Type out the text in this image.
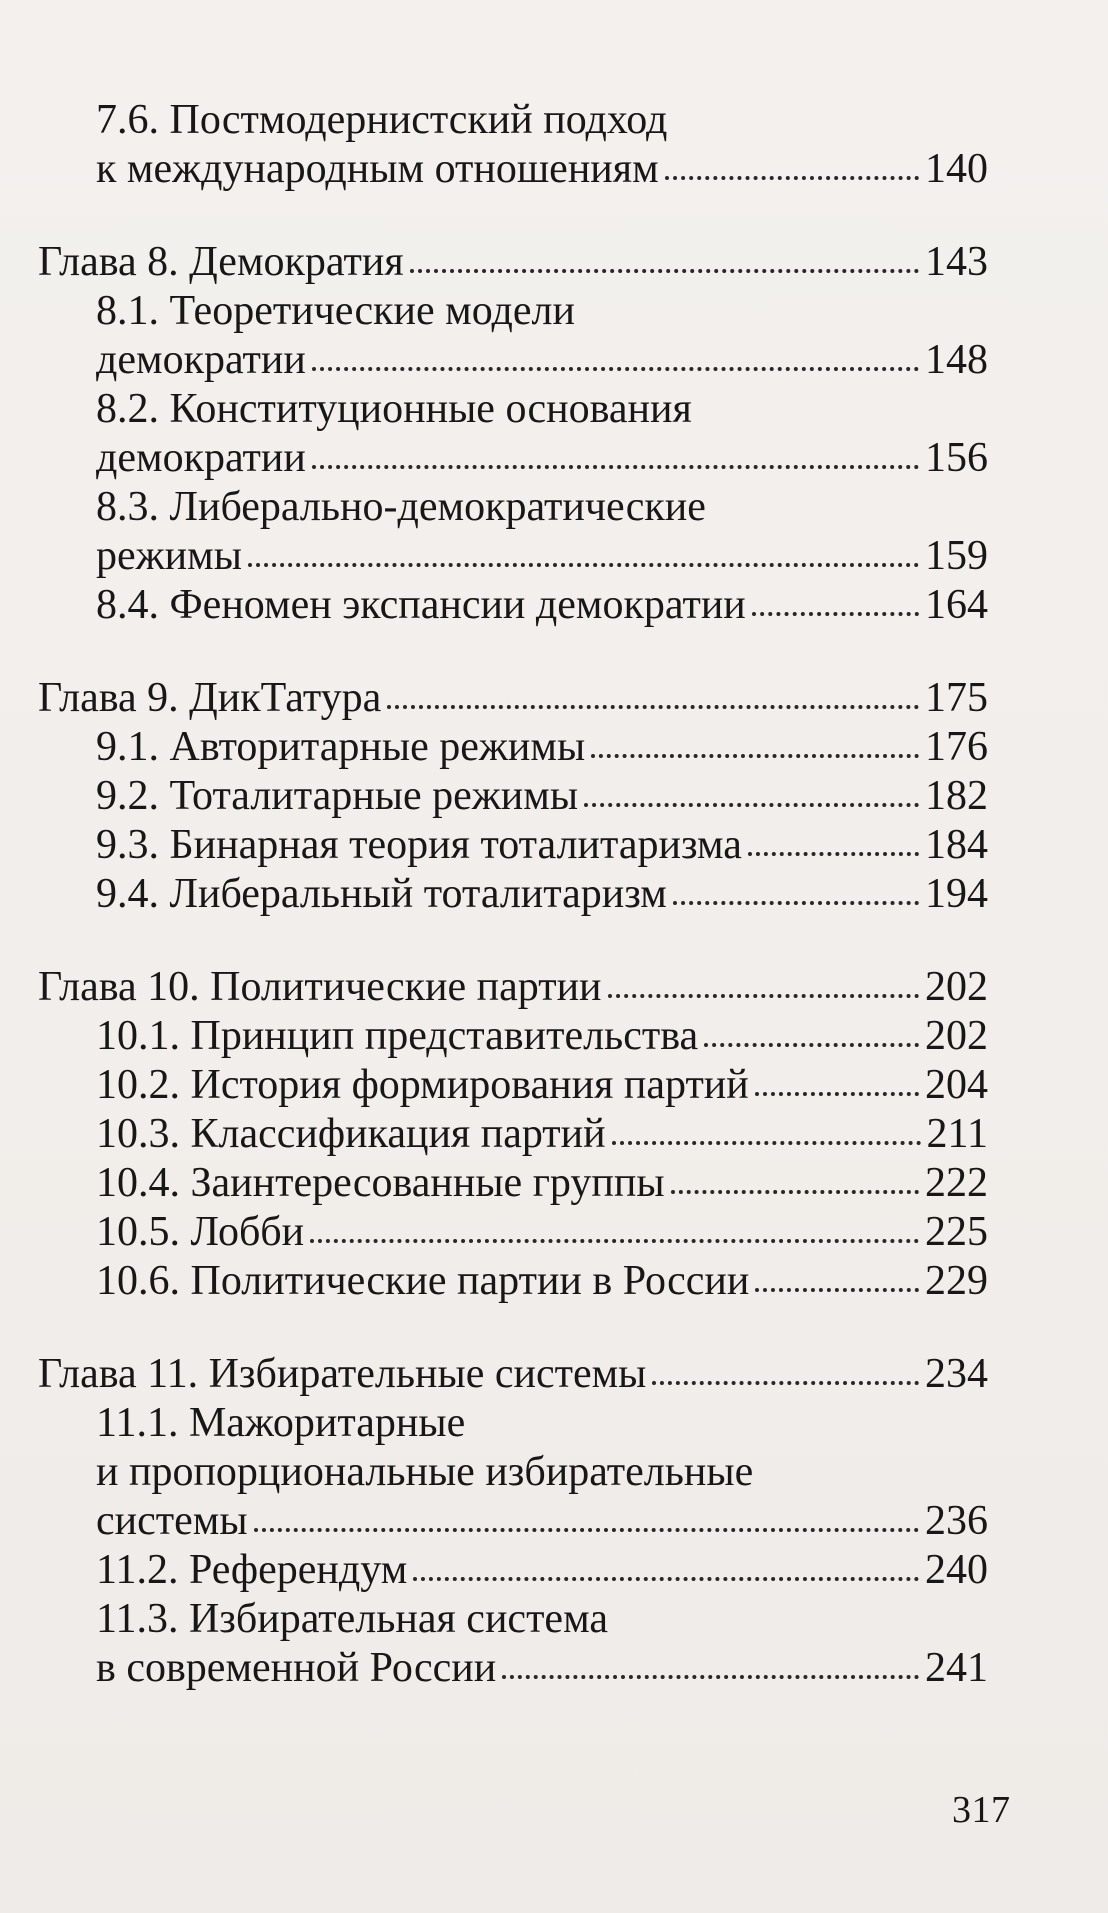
7.6. Постмодернистский подход
к международным отношениям	140
Глава 8. Демократия	143
8.1. Теоретические модели
демократии	148
8.2. Конституционные основания
демократии	156
8.3. Либерально-демократические
режимы	159
8.4. Феномен экспансии демократии	164
Глава 9. ДикТатура	175
9.1. Авторитарные режимы	176
9.2. Тоталитарные режимы	182
9.3. Бинарная теория тоталитаризма	184
9.4. Либеральный тоталитаризм	194
Глава 10. Политические партии	202
10.1. Принцип представительства	202
10.2. История формирования партий	204
10.3. Классификация партий	211
10.4. Заинтересованные группы	222
10.5. Лобби	225
10.6. Политические партии в России	229
Глава 11. Избирательные системы	234
11.1. Мажоритарные
и пропорциональные избирательные
системы	236
11.2. Референдум	240
11.3. Избирательная система
в современной России	241
317
